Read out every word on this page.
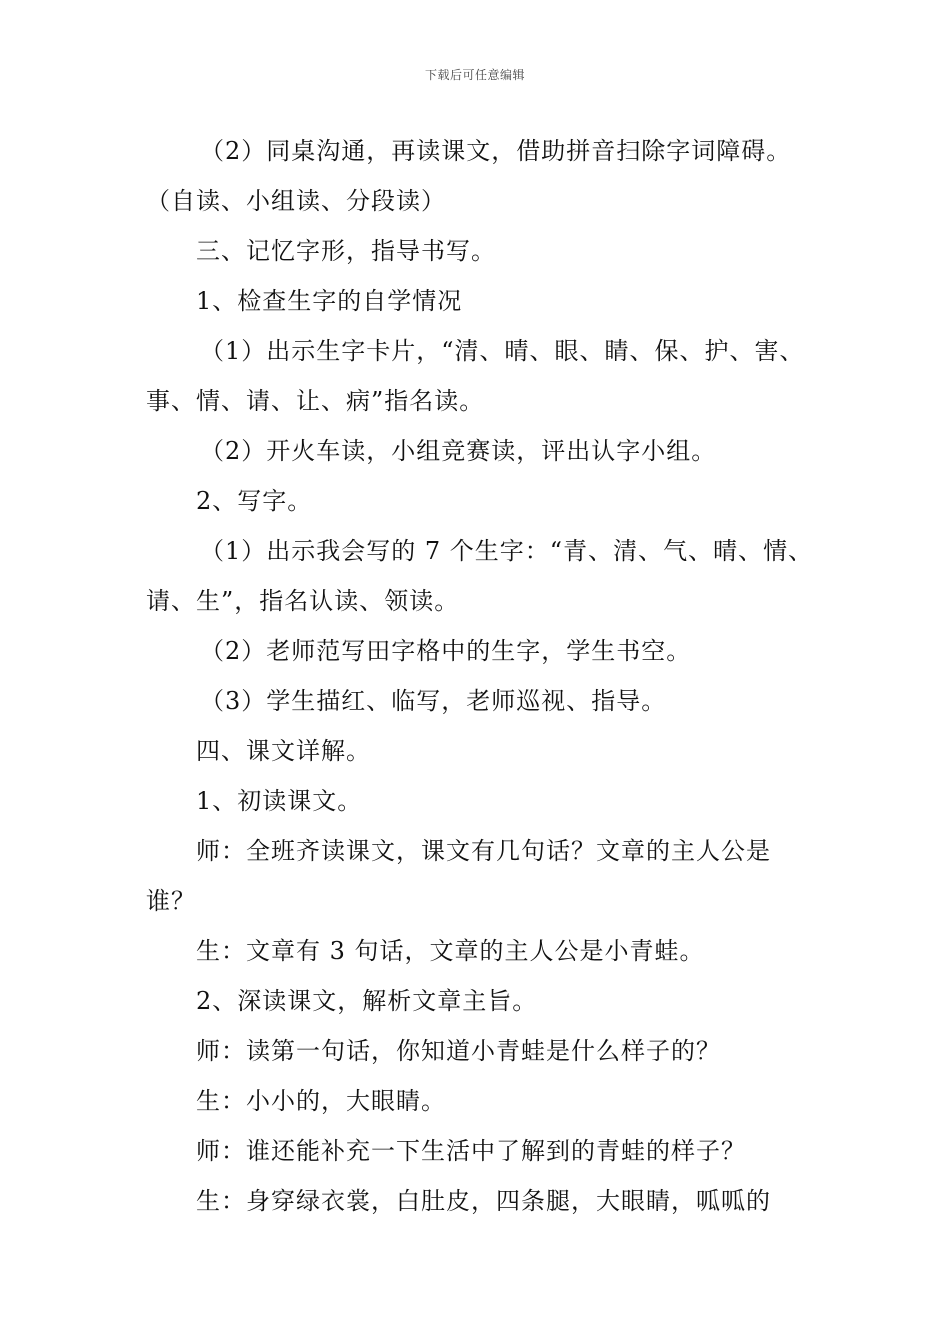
下载后可任意编辑
（2）同桌沟通，再读课文，借助拼音扫除字词障碍。
（自读、小组读、分段读）
三、记忆字形，指导书写。
1、检查生字的自学情况
（1）出示生字卡片，“清、晴、眼、睛、保、护、害、
事、情、请、让、病”指名读。
（2）开火车读，小组竞赛读，评出认字小组。
2、写字。
（1）出示我会写的 7 个生字：“青、清、气、晴、情、
请、生”，指名认读、领读。
（2）老师范写田字格中的生字，学生书空。
（3）学生描红、临写，老师巡视、指导。
四、课文详解。
1、初读课文。
师：全班齐读课文，课文有几句话？文章的主人公是
谁？
生：文章有 3 句话，文章的主人公是小青蛙。
2、深读课文，解析文章主旨。
师：读第一句话，你知道小青蛙是什么样子的？
生：小小的，大眼睛。
师：谁还能补充一下生活中了解到的青蛙的样子？
生：身穿绿衣裳，白肚皮，四条腿，大眼睛，呱呱的
